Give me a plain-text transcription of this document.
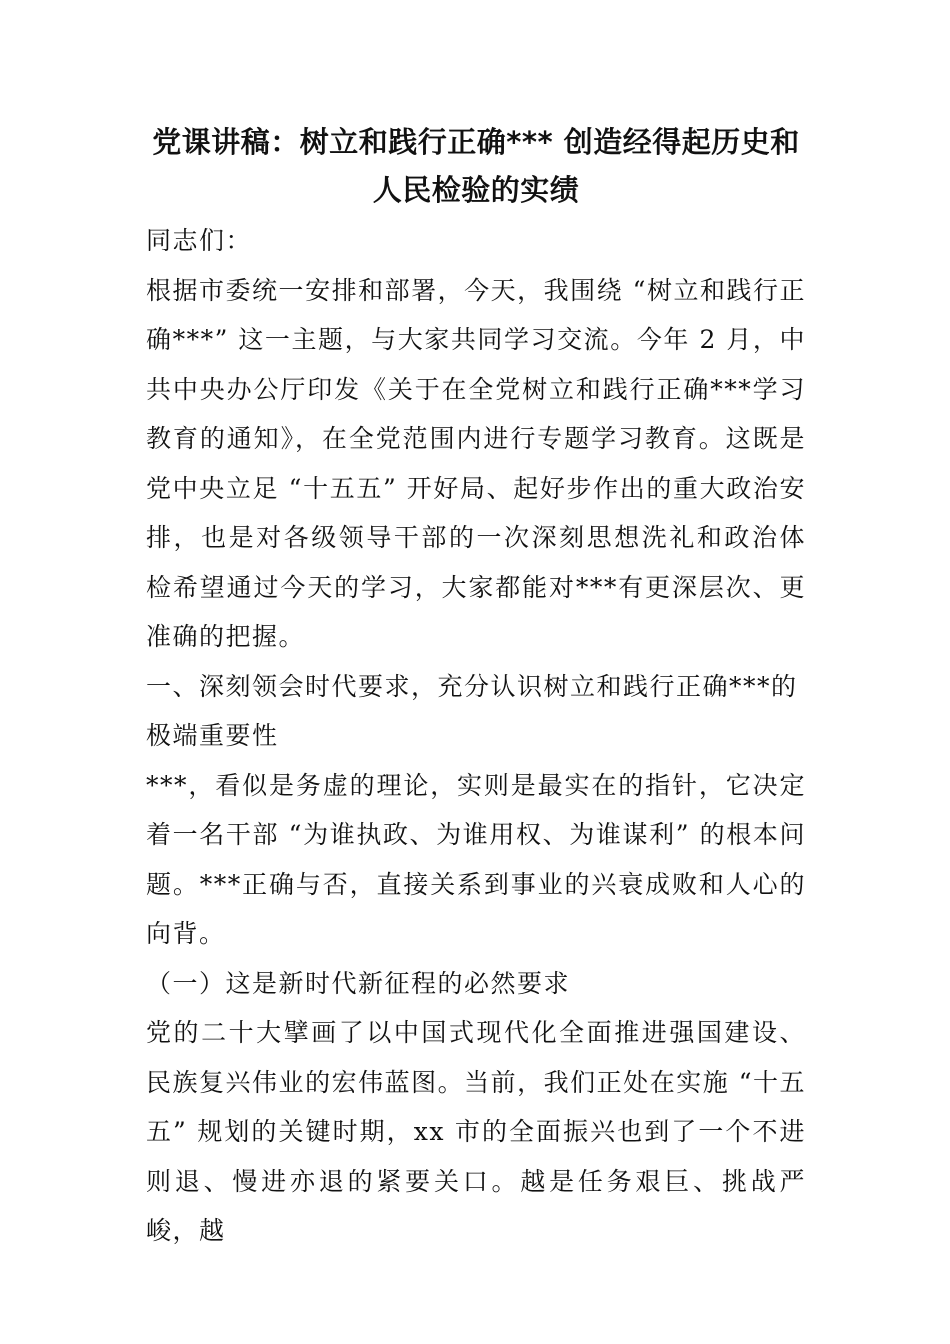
党课讲稿：树立和践行正确*** 创造经得起历史和人民检验的实绩

同志们：

根据市委统一安排和部署，今天，我围绕 “树立和践行正确***” 这一主题，与大家共同学习交流。今年 2 月，中共中央办公厅印发《关于在全党树立和践行正确***学习教育的通知》，在全党范围内进行专题学习教育。这既是党中央立足 “十五五” 开好局、起好步作出的重大政治安排，也是对各级领导干部的一次深刻思想洗礼和政治体检希望通过今天的学习，大家都能对***有更深层次、更准确的把握。

一、深刻领会时代要求，充分认识树立和践行正确***的极端重要性

***，看似是务虚的理论，实则是最实在的指针，它决定着一名干部 “为谁执政、为谁用权、为谁谋利” 的根本问题。***正确与否，直接关系到事业的兴衰成败和人心的向背。

（一）这是新时代新征程的必然要求

党的二十大擘画了以中国式现代化全面推进强国建设、民族复兴伟业的宏伟蓝图。当前，我们正处在实施 “十五五” 规划的关键时期，xx 市的全面振兴也到了一个不进则退、慢进亦退的紧要关口。越是任务艰巨、挑战严峻，越
